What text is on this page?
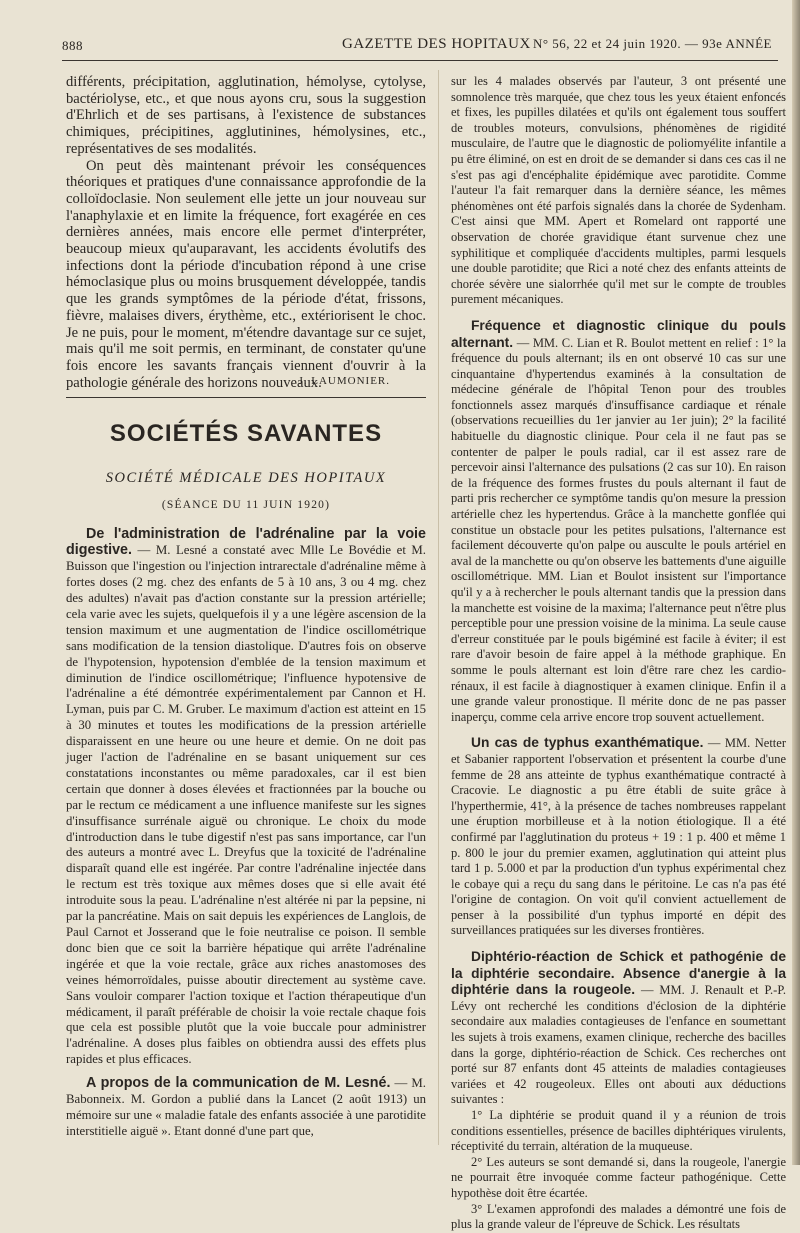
888	GAZETTE DES HOPITAUX N° 56, 22 et 24 juin 1920. — 93e ANNÉE

différents, précipitation, agglutination, hémolyse, cytolyse, bactériolyse, etc., et que nous ayons cru, sous la suggestion d'Ehrlich et de ses partisans, à l'existence de substances chimiques, précipitines, agglutinines, hémolysines, etc., représentatives de ses modalités.

On peut dès maintenant prévoir les conséquences théoriques et pratiques d'une connaissance approfondie de la colloïdoclasie. Non seulement elle jette un jour nouveau sur l'anaphylaxie et en limite la fréquence, fort exagérée en ces dernières années, mais encore elle permet d'interpréter, beaucoup mieux qu'auparavant, les accidents évolutifs des infections dont la période d'incubation répond à une crise hémoclasique plus ou moins brusquement développée, tandis que les grands symptômes de la période d'état, frissons, fièvre, malaises divers, érythème, etc., extériorisent le choc. Je ne puis, pour le moment, m'étendre davantage sur ce sujet, mais qu'il me soit permis, en terminant, de constater qu'une fois encore les savants français viennent d'ouvrir à la pathologie générale des horizons nouveaux.

J. LAUMONIER.
SOCIÉTÉS SAVANTES
SOCIÉTÉ MÉDICALE DES HOPITAUX
(SÉANCE DU 11 JUIN 1920)

De l'administration de l'adrénaline par la voie digestive. — M. Lesné a constaté avec Mlle Le Bovédie et M. Buisson que l'ingestion ou l'injection intrarectale d'adrénaline même à fortes doses (2 mg. chez des enfants de 5 à 10 ans, 3 ou 4 mg. chez des adultes) n'avait pas d'action constante sur la pression artérielle; cela varie avec les sujets, quelquefois il y a une légère ascension de la tension maximum et une augmentation de l'indice oscillométrique sans modification de la tension diastolique. D'autres fois on observe de l'hypotension, hypotension d'emblée de la tension maximum et diminution de l'indice oscillométrique; l'influence hypotensive de l'adrénaline a été démontrée expérimentalement par Cannon et H. Lyman, puis par C. M. Gruber. Le maximum d'action est atteint en 15 à 30 minutes et toutes les modifications de la pression artérielle disparaissent en une heure ou une heure et demie. On ne doit pas juger l'action de l'adrénaline en se basant uniquement sur ces constatations inconstantes ou même paradoxales, car il est bien certain que donner à doses élevées et fractionnées par la bouche ou par le rectum ce médicament a une influence manifeste sur les signes d'insuffisance surrénale aiguë ou chronique. Le choix du mode d'introduction dans le tube digestif n'est pas sans importance, car l'un des auteurs a montré avec L. Dreyfus que la toxicité de l'adrénaline disparaît quand elle est ingérée. Par contre l'adrénaline injectée dans le rectum est très toxique aux mêmes doses que si elle avait été introduite sous la peau. L'adrénaline n'est altérée ni par la pepsine, ni par la pancréatine. Mais on sait depuis les expériences de Langlois, de Paul Carnot et Josserand que le foie neutralise ce poison. Il semble donc bien que ce soit la barrière hépatique qui arrête l'adrénaline ingérée et que la voie rectale, grâce aux riches anastomoses des veines hémorroïdales, puisse aboutir directement au système cave. Sans vouloir comparer l'action toxique et l'action thérapeutique d'un médicament, il paraît préférable de choisir la voie rectale chaque fois que cela est possible plutôt que la voie buccale pour administrer l'adrénaline. A doses plus faibles on obtiendra aussi des effets plus rapides et plus efficaces.

A propos de la communication de M. Lesné. — M. Babonneix. M. Gordon a publié dans la Lancet (2 août 1913) un mémoire sur une « maladie fatale des enfants associée à une parotidite interstitielle aiguë ». Etant donné d'une part que,

sur les 4 malades observés par l'auteur, 3 ont présenté une somnolence très marquée, que chez tous les yeux étaient enfoncés et fixes, les pupilles dilatées et qu'ils ont également tous souffert de troubles moteurs, convulsions, phénomènes de rigidité musculaire, de l'autre que le diagnostic de poliomyélite infantile a pu être éliminé, on est en droit de se demander si dans ces cas il ne s'est pas agi d'encéphalite épidémique avec parotidite. Comme l'auteur l'a fait remarquer dans la dernière séance, les mêmes phénomènes ont été parfois signalés dans la chorée de Sydenham. C'est ainsi que MM. Apert et Romelard ont rapporté une observation de chorée gravidique étant survenue chez une syphilitique et compliquée d'accidents multiples, parmi lesquels une double parotidite; que Rici a noté chez des enfants atteints de chorée sévère une sialorrhée qu'il met sur le compte de troubles purement mécaniques.

Fréquence et diagnostic clinique du pouls alternant. — MM. C. Lian et R. Boulot mettent en relief : 1° la fréquence du pouls alternant; ils en ont observé 10 cas sur une cinquantaine d'hypertendus examinés à la consultation de médecine générale de l'hôpital Tenon pour des troubles fonctionnels assez marqués d'insuffisance cardiaque et rénale (observations recueillies du 1er janvier au 1er juin); 2° la facilité habituelle du diagnostic clinique. Pour cela il ne faut pas se contenter de palper le pouls radial, car il est assez rare de percevoir ainsi l'alternance des pulsations (2 cas sur 10). En raison de la fréquence des formes frustes du pouls alternant il faut de parti pris rechercher ce symptôme tandis qu'on mesure la pression artérielle chez les hypertendus. Grâce à la manchette gonflée qui constitue un obstacle pour les petites pulsations, l'alternance est facilement découverte qu'on palpe ou ausculte le pouls artériel en aval de la manchette ou qu'on observe les battements d'une aiguille oscillométrique. MM. Lian et Boulot insistent sur l'importance qu'il y a à rechercher le pouls alternant tandis que la pression dans la manchette est voisine de la maxima; l'alternance peut n'être plus perceptible pour une pression voisine de la minima. La seule cause d'erreur constituée par le pouls bigéminé est facile à éviter; il est rare d'avoir besoin de faire appel à la méthode graphique. En somme le pouls alternant est loin d'être rare chez les cardio-rénaux, il est facile à diagnostiquer à examen clinique. Enfin il a une grande valeur pronostique. Il mérite donc de ne pas passer inaperçu, comme cela arrive encore trop souvent actuellement.

Un cas de typhus exanthématique. — MM. Netter et Sabanier rapportent l'observation et présentent la courbe d'une femme de 28 ans atteinte de typhus exanthématique contracté à Cracovie. Le diagnostic a pu être établi de suite grâce à l'hyperthermie, 41°, à la présence de taches nombreuses rappelant une éruption morbilleuse et à la notion étiologique. Il a été confirmé par l'agglutination du proteus + 19 : 1 p. 400 et même 1 p. 800 le jour du premier examen, agglutination qui atteint plus tard 1 p. 5.000 et par la production d'un typhus expérimental chez le cobaye qui a reçu du sang dans le péritoine. Le cas n'a pas été l'origine de contagion. On voit qu'il convient actuellement de penser à la possibilité d'un typhus importé en dépit des surveillances pratiquées sur les diverses frontières.

Diphtério-réaction de Schick et pathogénie de la diphtérie secondaire. Absence d'anergie à la diphtérie dans la rougeole. — MM. J. Renault et P.-P. Lévy ont recherché les conditions d'éclosion de la diphtérie secondaire aux maladies contagieuses de l'enfance en soumettant les sujets à trois examens, examen clinique, recherche des bacilles dans la gorge, diphtério-réaction de Schick. Ces recherches ont porté sur 87 enfants dont 45 atteints de maladies contagieuses variées et 42 rougeoleux. Elles ont abouti aux déductions suivantes :

1° La diphtérie se produit quand il y a réunion de trois conditions essentielles, présence de bacilles diphtériques virulents, réceptivité du terrain, altération de la muqueuse.

2° Les auteurs se sont demandé si, dans la rougeole, l'anergie ne pourrait être invoquée comme facteur pathogénique. Cette hypothèse doit être écartée.

3° L'examen approfondi des malades a démontré une fois de plus la grande valeur de l'épreuve de Schick. Les résultats
